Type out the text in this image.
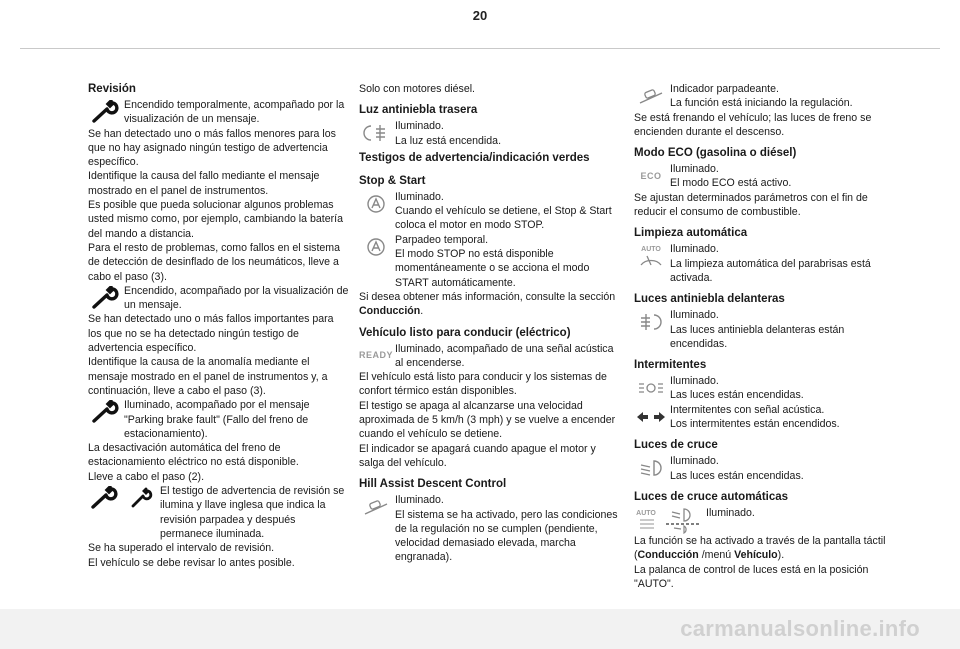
20
Revisión
Encendido temporalmente, acompañado por la visualización de un mensaje.

Se han detectado uno o más fallos menores para los que no hay asignado ningún testigo de advertencia específico.

Identifique la causa del fallo mediante el mensaje mostrado en el panel de instrumentos.

Es posible que pueda solucionar algunos problemas usted mismo como, por ejemplo, cambiando la batería del mando a distancia.

Para el resto de problemas, como fallos en el sistema de detección de desinflado de los neumáticos, lleve a cabo el paso (3).

Encendido, acompañado por la visualización de un mensaje.

Se han detectado uno o más fallos importantes para los que no se ha detectado ningún testigo de advertencia específico.

Identifique la causa de la anomalía mediante el mensaje mostrado en el panel de instrumentos y, a continuación, lleve a cabo el paso (3).

Iluminado, acompañado por el mensaje "Parking brake fault" (Fallo del freno de estacionamiento).

La desactivación automática del freno de estacionamiento eléctrico no está disponible.

Lleve a cabo el paso (2).

El testigo de advertencia de revisión se ilumina y llave inglesa que indica la revisión parpadea y después permanece iluminada.

Se ha superado el intervalo de revisión.

El vehículo se debe revisar lo antes posible.

Solo con motores diésel.

Luz antiniebla trasera
Iluminado.
La luz está encendida.
Testigos de advertencia/indicación verdes
Stop & Start
Iluminado.
Cuando el vehículo se detiene, el Stop & Start coloca el motor en modo STOP.
Parpadeo temporal.
El modo STOP no está disponible momentáneamente o se acciona el modo START automáticamente.

Si desea obtener más información, consulte la sección Conducción.

Vehículo listo para conducir (eléctrico)
READY
Iluminado, acompañado de una señal acústica al encenderse.

El vehículo está listo para conducir y los sistemas de confort térmico están disponibles.

El testigo se apaga al alcanzarse una velocidad aproximada de 5 km/h (3 mph) y se vuelve a encender cuando el vehículo se detiene.

El indicador se apagará cuando apague el motor y salga del vehículo.

Hill Assist Descent Control
Iluminado.
El sistema se ha activado, pero las condiciones de la regulación no se cumplen (pendiente, velocidad demasiado elevada, marcha engranada).
Indicador parpadeante.
La función está iniciando la regulación.

Se está frenando el vehículo; las luces de freno se encienden durante el descenso.

Modo ECO (gasolina o diésel)
ECO
Iluminado.
El modo ECO está activo.

Se ajustan determinados parámetros con el fin de reducir el consumo de combustible.

Limpieza automática
AUTO Iluminado.
La limpieza automática del parabrisas está activada.
Luces antiniebla delanteras
Iluminado.
Las luces antiniebla delanteras están encendidas.
Intermitentes
Iluminado.
Las luces están encendidas.
Intermitentes con señal acústica.
Los intermitentes están encendidos.
Luces de cruce
Iluminado.
Las luces están encendidas.
Luces de cruce automáticas
AUTO	Iluminado.

La función se ha activado a través de la pantalla táctil (Conducción /menú Vehículo).

La palanca de control de luces está en la posición "AUTO".

carmanualsonline.info
